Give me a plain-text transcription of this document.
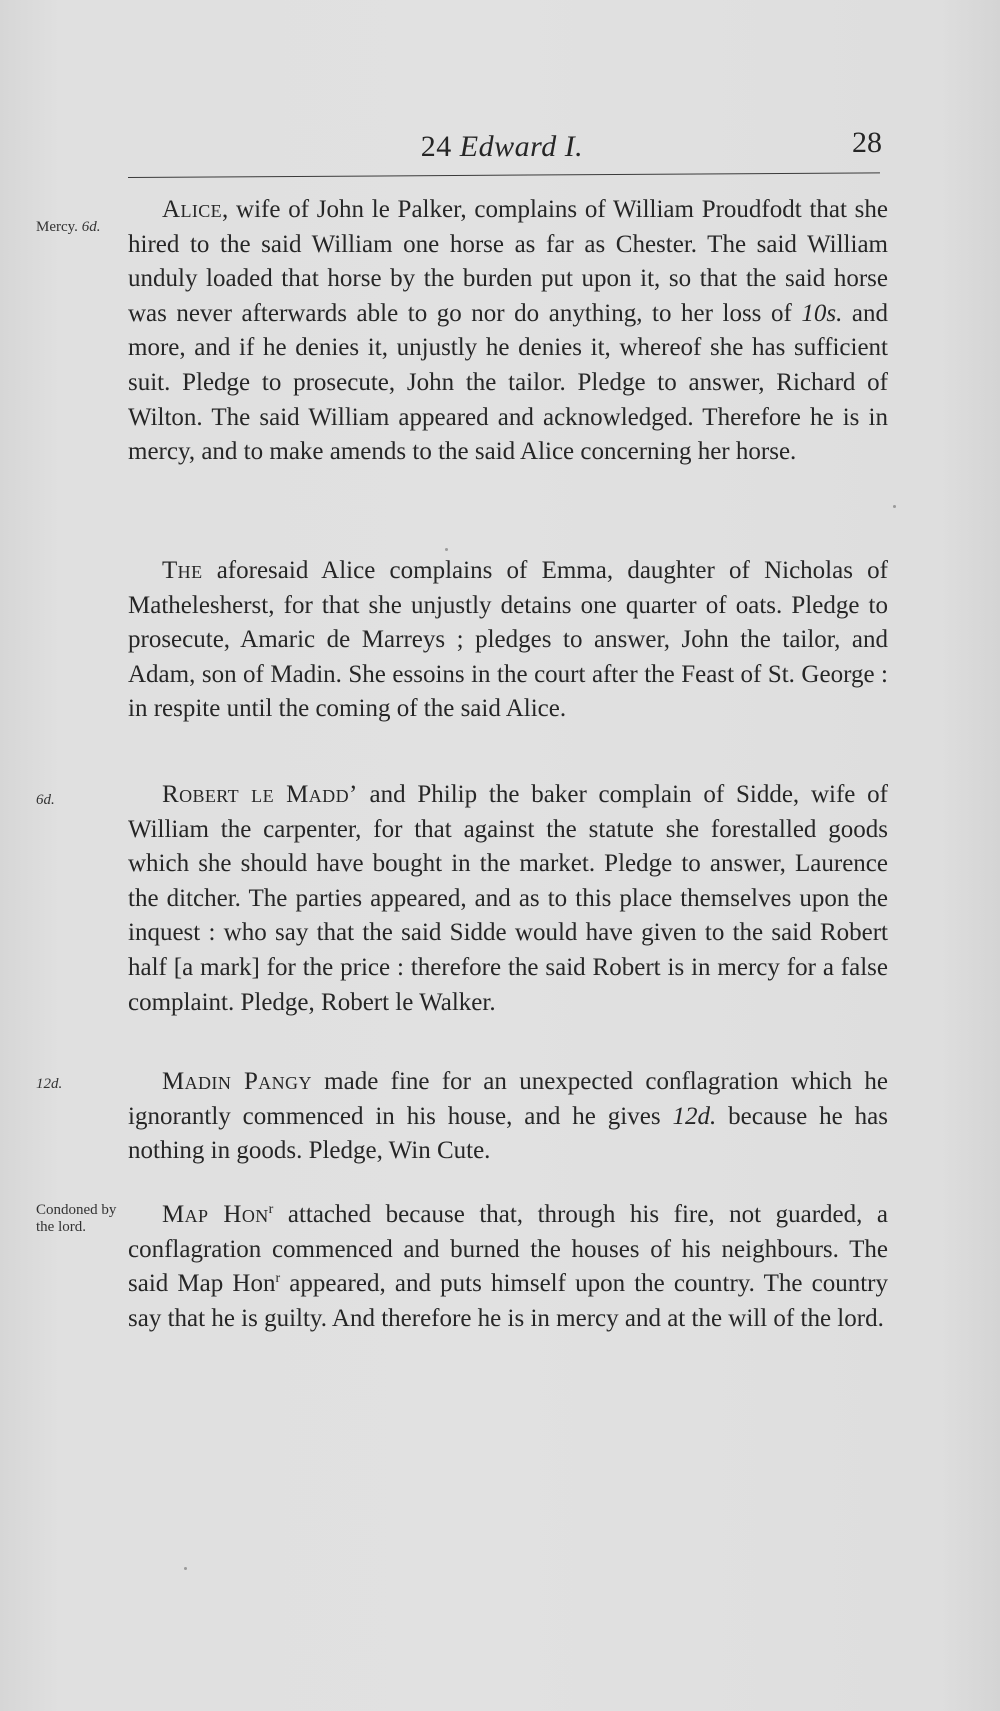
24 Edward I.	28
Mercy. 6d.

Alice, wife of John le Palker, complains of William Proudfodt that she hired to the said William one horse as far as Chester. The said William unduly loaded that horse by the burden put upon it, so that the said horse was never afterwards able to go nor do anything, to her loss of 10s. and more, and if he denies it, unjustly he denies it, whereof she has sufficient suit. Pledge to prosecute, John the tailor. Pledge to answer, Richard of Wilton. The said William appeared and acknowledged. Therefore he is in mercy, and to make amends to the said Alice concerning her horse.

The aforesaid Alice complains of Emma, daughter of Nicholas of Mathelesherst, for that she unjustly detains one quarter of oats. Pledge to prosecute, Amaric de Marreys ; pledges to answer, John the tailor, and Adam, son of Madin. She essoins in the court after the Feast of St. George : in respite until the coming of the said Alice.

6d.	Robert le Madd’ and Philip the baker complain of Sidde, wife of William the carpenter, for that against the statute she forestalled goods which she should have bought in the market. Pledge to answer, Laurence the ditcher. The parties appeared, and as to this place themselves upon the inquest : who say that the said Sidde would have given to the said Robert half [a mark] for the price : therefore the said Robert is in mercy for a false complaint. Pledge, Robert le Walker.

12d.	Madin Pangy made fine for an unexpected conflagration which he ignorantly commenced in his house, and he gives 12d. because he has nothing in goods. Pledge, Win Cute.

Condoned by the lord.	Map Hon$^r$ attached because that, through his fire, not guarded, a conflagration commenced and burned the houses of his neighbours. The said Map Hon$^r$ appeared, and puts himself upon the country. The country say that he is guilty. And therefore he is in mercy and at the will of the lord.
